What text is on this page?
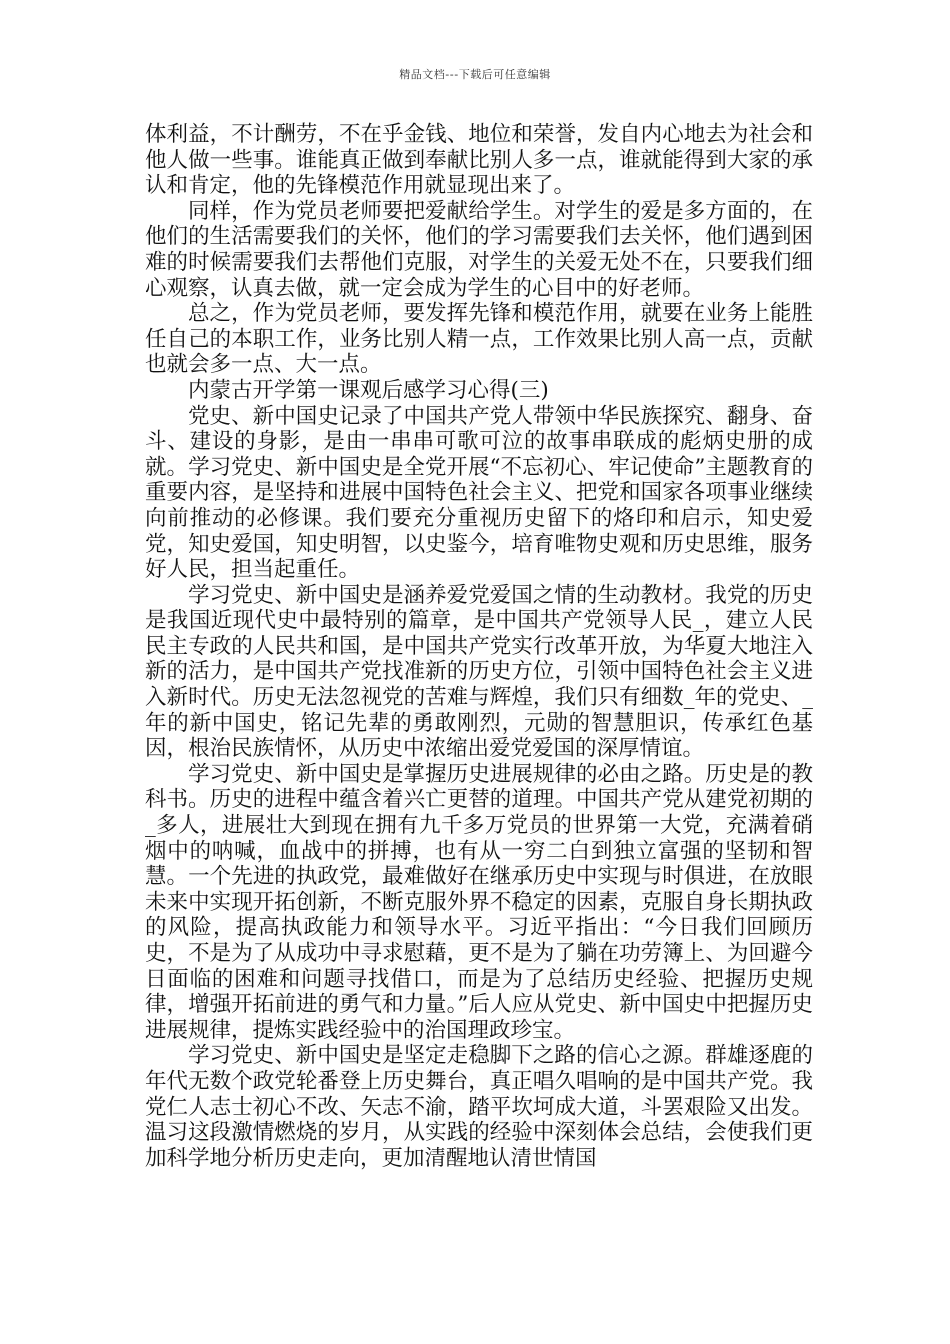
精品文档---下载后可任意编辑

体利益，不计酬劳，不在乎金钱、地位和荣誉，发自内心地去为社会和他人做一些事。谁能真正做到奉献比别人多一点，谁就能得到大家的承认和肯定，他的先锋模范作用就显现出来了。

同样，作为党员老师要把爱献给学生。对学生的爱是多方面的，在他们的生活需要我们的关怀，他们的学习需要我们去关怀，他们遇到困难的时候需要我们去帮他们克服，对学生的关爱无处不在，只要我们细心观察，认真去做，就一定会成为学生的心目中的好老师。

总之，作为党员老师，要发挥先锋和模范作用，就要在业务上能胜任自己的本职工作，业务比别人精一点，工作效果比别人高一点，贡献也就会多一点、大一点。

内蒙古开学第一课观后感学习心得(三)

党史、新中国史记录了中国共产党人带领中华民族探究、翻身、奋斗、建设的身影，是由一串串可歌可泣的故事串联成的彪炳史册的成就。学习党史、新中国史是全党开展“不忘初心、牢记使命”主题教育的重要内容，是坚持和进展中国特色社会主义、把党和国家各项事业继续向前推动的必修课。我们要充分重视历史留下的烙印和启示，知史爱党，知史爱国，知史明智，以史鉴今，培育唯物史观和历史思维，服务好人民，担当起重任。

学习党史、新中国史是涵养爱党爱国之情的生动教材。我党的历史是我国近现代史中最特别的篇章，是中国共产党领导人民_，建立人民民主专政的人民共和国，是中国共产党实行改革开放，为华夏大地注入新的活力，是中国共产党找准新的历史方位，引领中国特色社会主义进入新时代。历史无法忽视党的苦难与辉煌，我们只有细数_年的党史、_年的新中国史，铭记先辈的勇敢刚烈，元勋的智慧胆识，传承红色基因，根治民族情怀，从历史中浓缩出爱党爱国的深厚情谊。

学习党史、新中国史是掌握历史进展规律的必由之路。历史是的教科书。历史的进程中蕴含着兴亡更替的道理。中国共产党从建党初期的_多人，进展壮大到现在拥有九千多万党员的世界第一大党，充满着硝烟中的呐喊，血战中的拼搏，也有从一穷二白到独立富强的坚韧和智慧。一个先进的执政党，最难做好在继承历史中实现与时俱进，在放眼未来中实现开拓创新，不断克服外界不稳定的因素，克服自身长期执政的风险，提高执政能力和领导水平。习近平指出：“今日我们回顾历史，不是为了从成功中寻求慰藉，更不是为了躺在功劳簿上、为回避今日面临的困难和问题寻找借口，而是为了总结历史经验、把握历史规律，增强开拓前进的勇气和力量。”后人应从党史、新中国史中把握历史进展规律，提炼实践经验中的治国理政珍宝。

学习党史、新中国史是坚定走稳脚下之路的信心之源。群雄逐鹿的年代无数个政党轮番登上历史舞台，真正唱久唱响的是中国共产党。我党仁人志士初心不改、矢志不渝，踏平坎坷成大道，斗罢艰险又出发。温习这段激情燃烧的岁月，从实践的经验中深刻体会总结，会使我们更加科学地分析历史走向，更加清醒地认清世情国
